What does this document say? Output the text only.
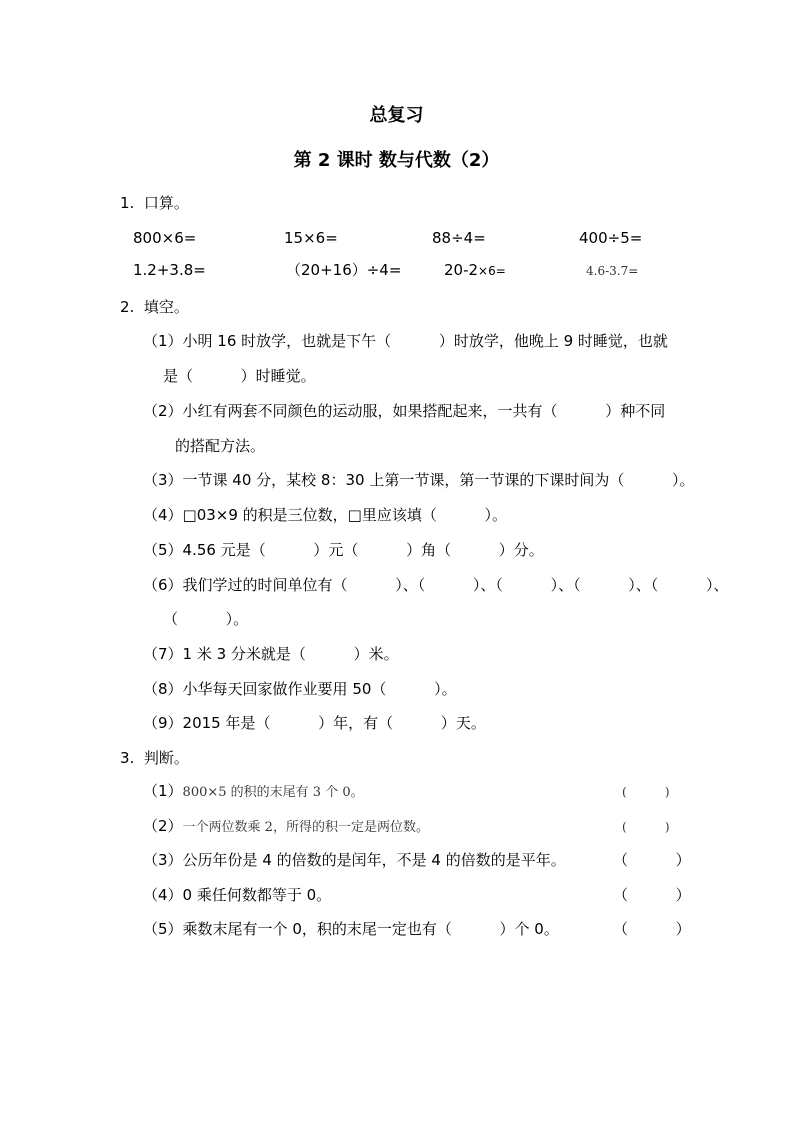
总复习
第 2 课时 数与代数（2）
1.  口算。
800×6=	15×6=	88÷4=	400÷5=
1.2+3.8=	（20+16）÷4=	20-2×6=	4.6-3.7=
2.  填空。
（1）小明 16 时放学，也就是下午（          ）时放学，他晚上 9 时睡觉，也就
是（          ）时睡觉。
（2）小红有两套不同颜色的运动服，如果搭配起来，一共有（          ）种不同
的搭配方法。
（3）一节课 40 分，某校 8：30 上第一节课，第一节课的下课时间为（          ）。
（4）□03×9 的积是三位数，□里应该填（          ）。
（5）4.56 元是（          ）元（          ）角（          ）分。
（6）我们学过的时间单位有（          ）、（          ）、（          ）、（          ）、（          ）、
（          ）。
（7）1 米 3 分米就是（          ）米。
（8）小华每天回家做作业要用 50（          ）。
（9）2015 年是（          ）年，有（          ）天。
3.  判断。
（1）800×5 的积的末尾有 3 个 0。	(          )
（2）一个两位数乘 2，所得的积一定是两位数。	(          )
（3）公历年份是 4 的倍数的是闰年，不是 4 的倍数的是平年。	（          ）
（4）0 乘任何数都等于 0。	（          ）
（5）乘数末尾有一个 0，积的末尾一定也有（          ）个 0。	（          ）
